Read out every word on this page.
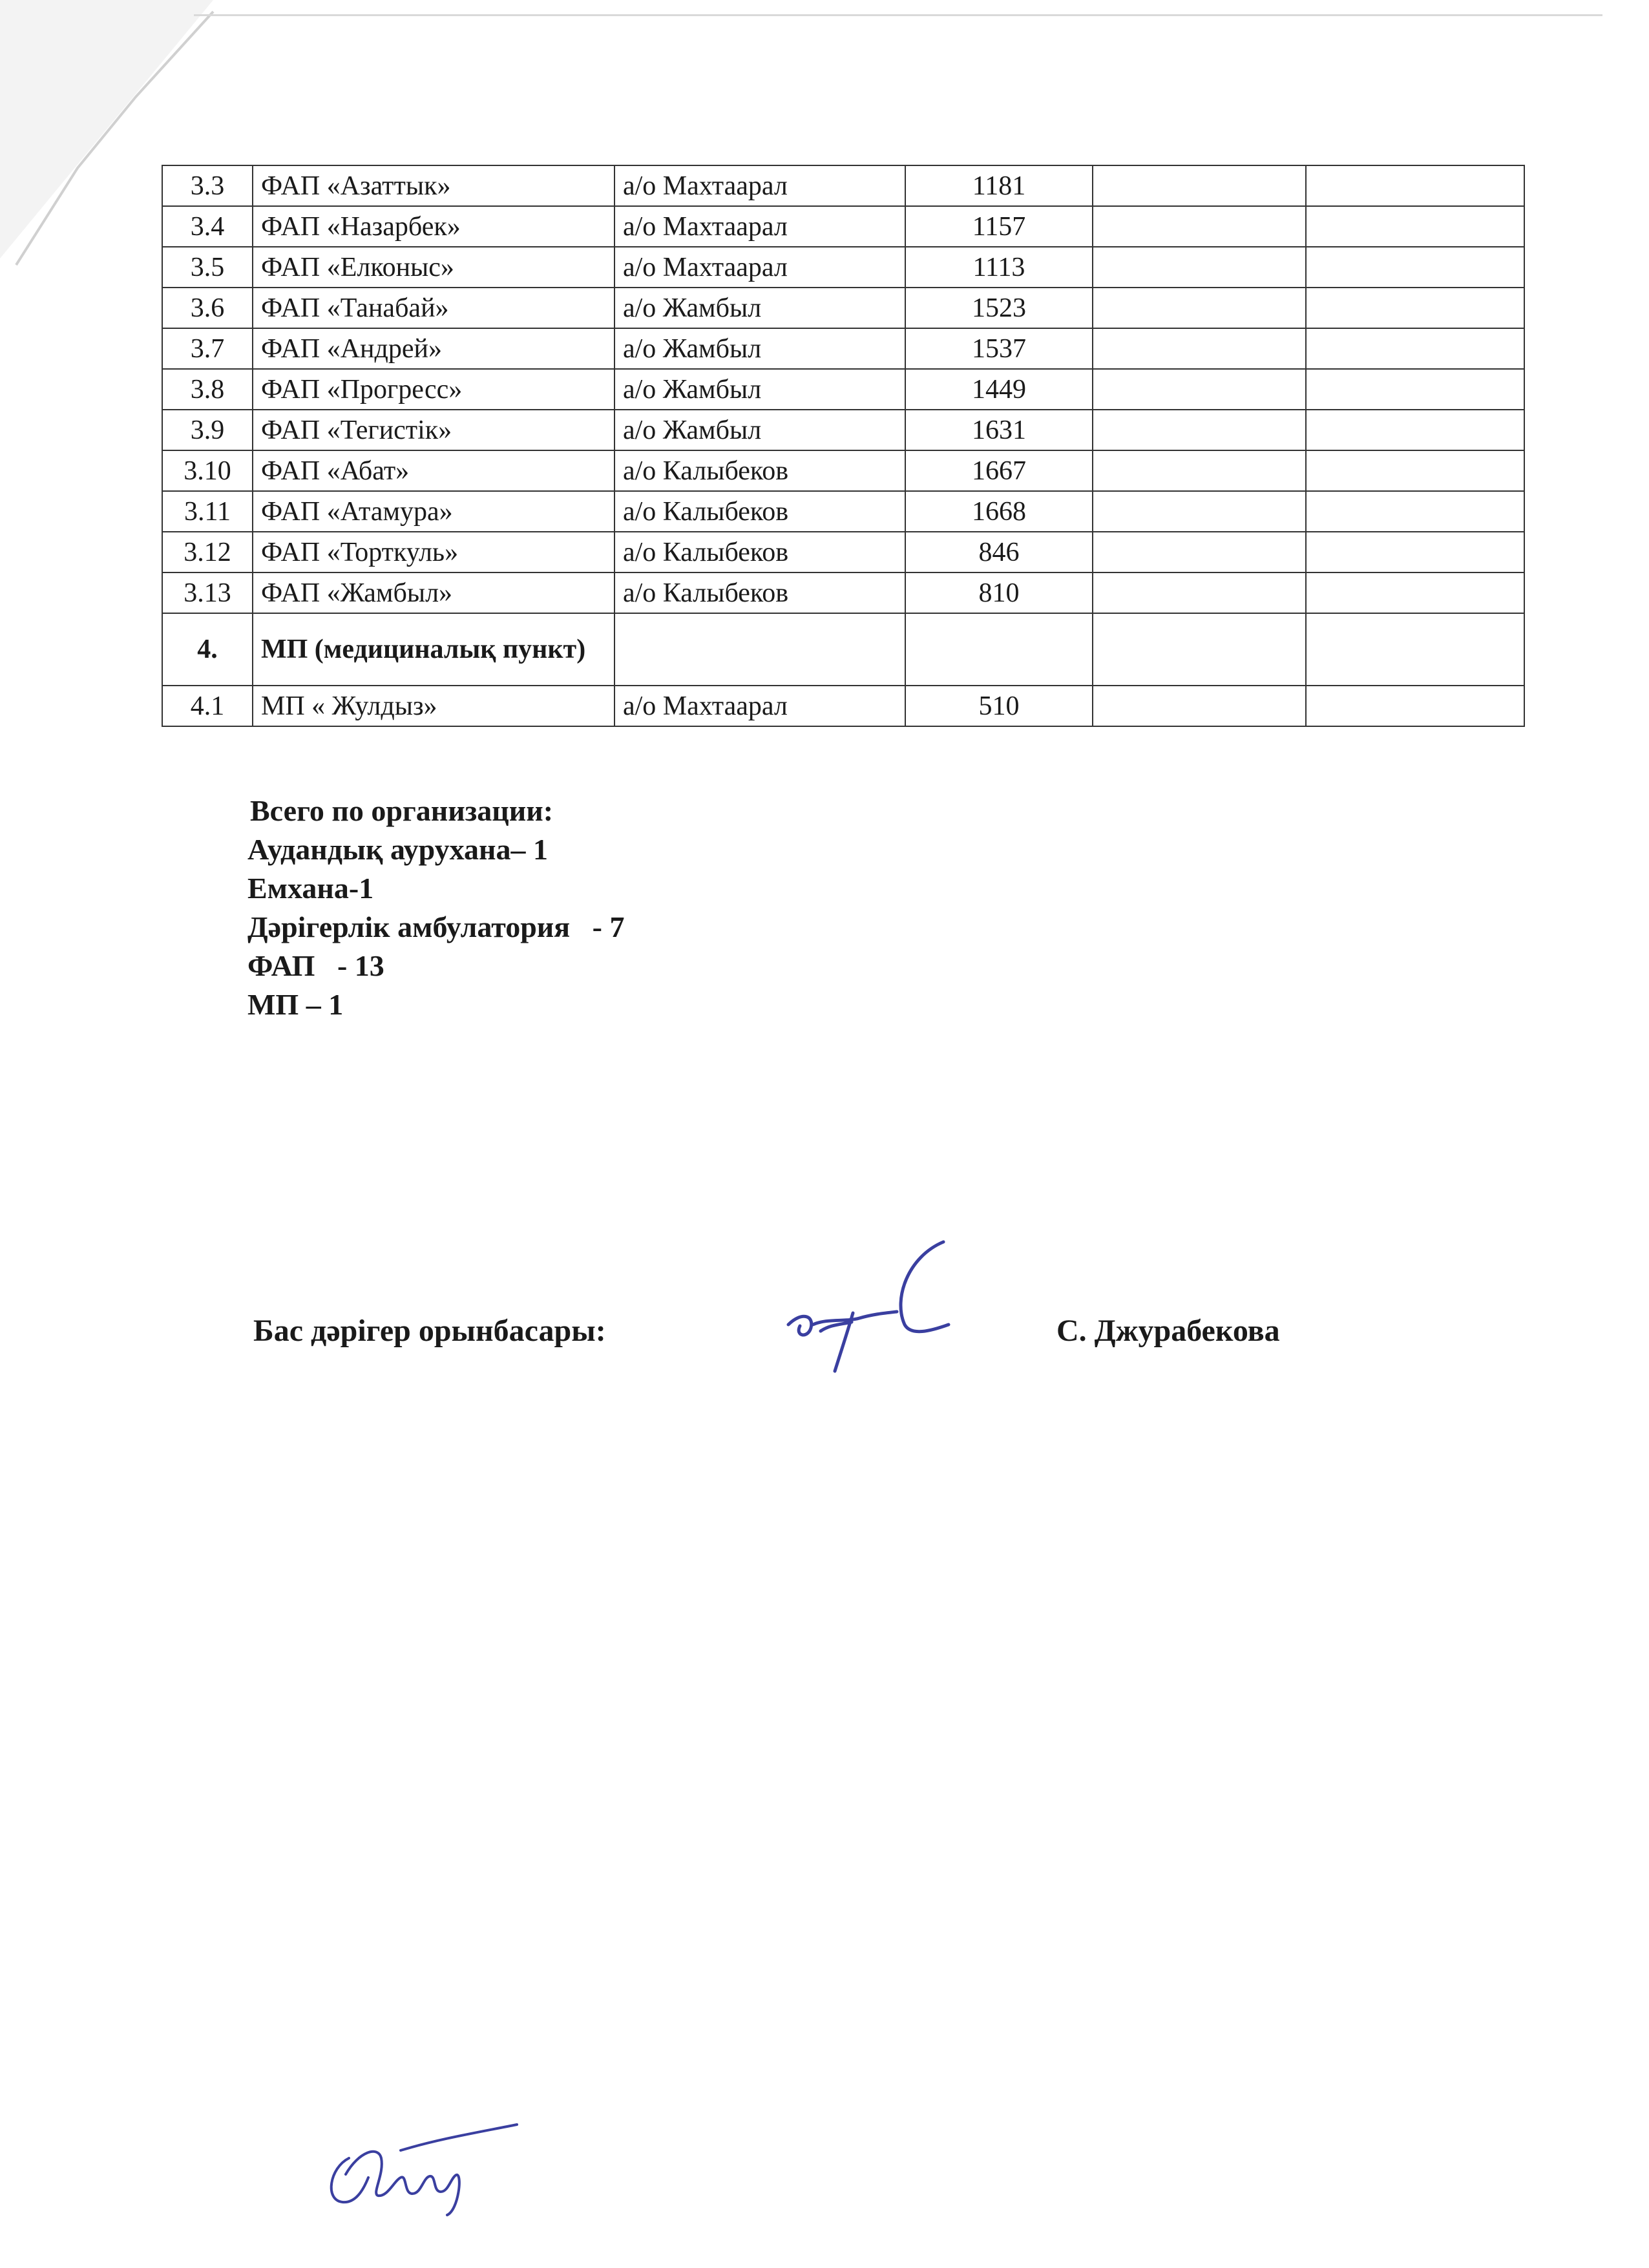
3.3	ФАП «Азаттык»	а/о Махтаарал	1181		
3.4	ФАП «Назарбек»	а/о Махтаарал	1157		
3.5	ФАП «Елконыс»	а/о Махтаарал	1113		
3.6	ФАП «Танабай»	а/о Жамбыл	1523		
3.7	ФАП «Андрей»	а/о Жамбыл	1537		
3.8	ФАП «Прогресс»	а/о Жамбыл	1449		
3.9	ФАП «Тегистік»	а/о Жамбыл	1631		
3.10	ФАП «Абат»	а/о Калыбеков	1667		
3.11	ФАП «Атамура»	а/о Калыбеков	1668		
3.12	ФАП «Торткуль»	а/о Калыбеков	846		
3.13	ФАП «Жамбыл»	а/о Калыбеков	810		
4.	МП (медициналық пункт)				
4.1	МП « Жулдыз»	а/о Махтаарал	510		
Всего по организации:
Аудандық аурухана– 1
Емхана-1
Дәрігерлік амбулатория   - 7
ФАП   - 13
МП – 1
Бас дәрігер орынбасары:	С. Джурабекова
